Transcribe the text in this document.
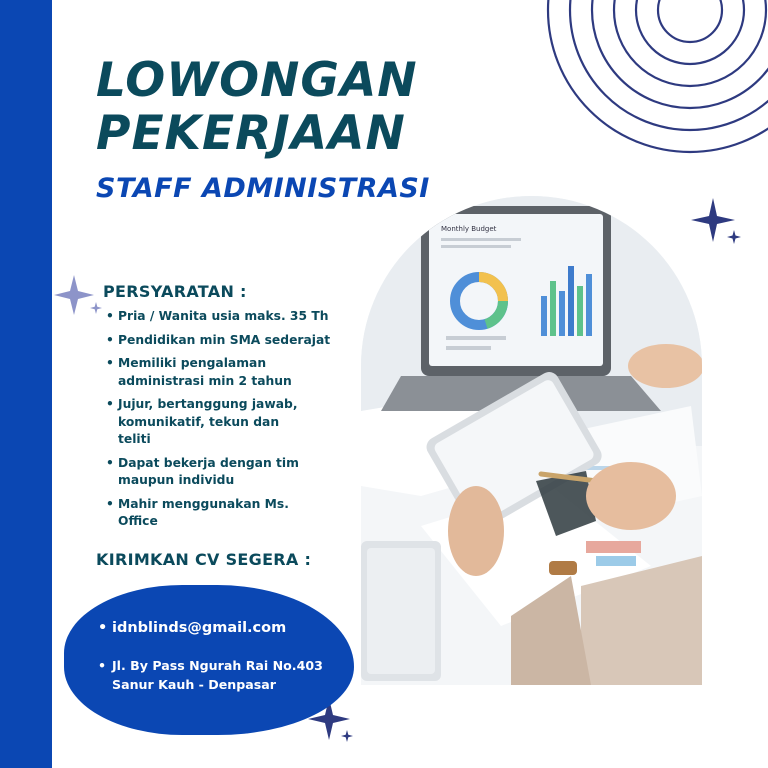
LOWONGAN
PEKERJAAN
STAFF ADMINISTRASI
Monthly Budget
PERSYARATAN :
• Pria / Wanita usia maks. 35 Th
• Pendidikan min SMA sederajat
• Memiliki pengalaman administrasi min 2 tahun
• Jujur, bertanggung jawab, komunikatif, tekun dan teliti
• Dapat bekerja dengan tim maupun individu
• Mahir menggunakan Ms. Office
KIRIMKAN CV SEGERA :
• idnblinds@gmail.com
• Jl. By Pass Ngurah Rai No.403 Sanur Kauh - Denpasar
